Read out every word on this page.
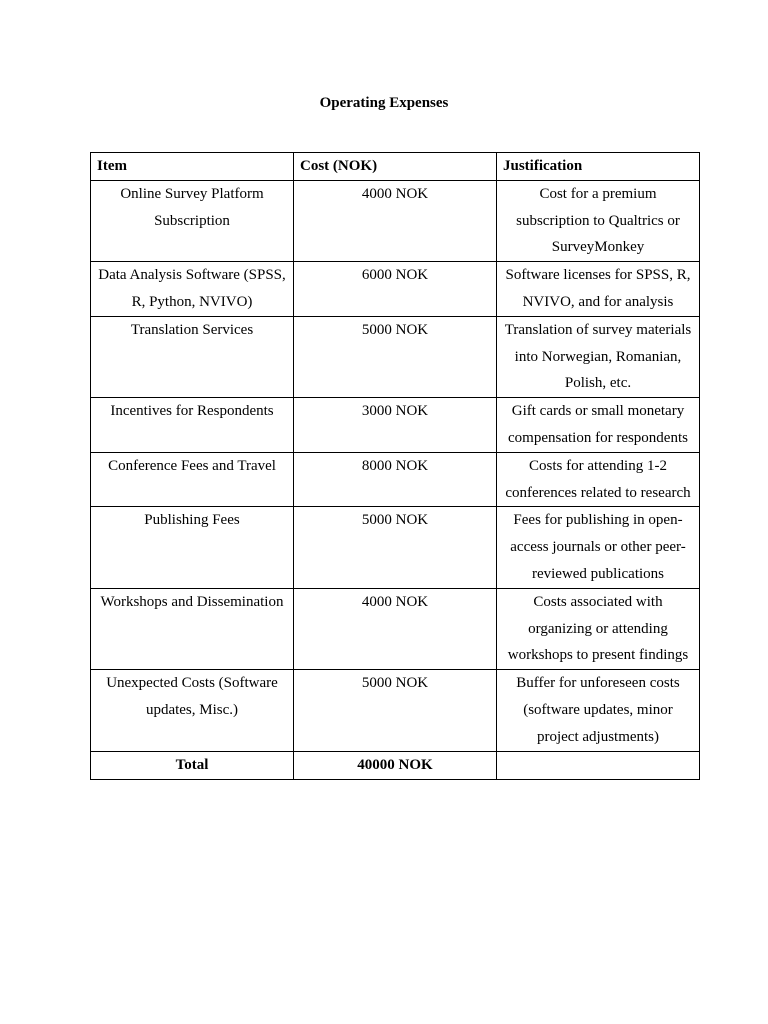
Operating Expenses
Item	Cost (NOK)	Justification
Online Survey Platform Subscription	4000 NOK	Cost for a premium subscription to Qualtrics or SurveyMonkey
Data Analysis Software (SPSS, R, Python, NVIVO)	6000 NOK	Software licenses for SPSS, R, NVIVO, and for analysis
Translation Services	5000 NOK	Translation of survey materials into Norwegian, Romanian, Polish, etc.
Incentives for Respondents	3000 NOK	Gift cards or small monetary compensation for respondents
Conference Fees and Travel	8000 NOK	Costs for attending 1-2 conferences related to research
Publishing Fees	5000 NOK	Fees for publishing in open-access journals or other peer-reviewed publications
Workshops and Dissemination	4000 NOK	Costs associated with organizing or attending workshops to present findings
Unexpected Costs (Software updates, Misc.)	5000 NOK	Buffer for unforeseen costs (software updates, minor project adjustments)
Total	40000 NOK	
